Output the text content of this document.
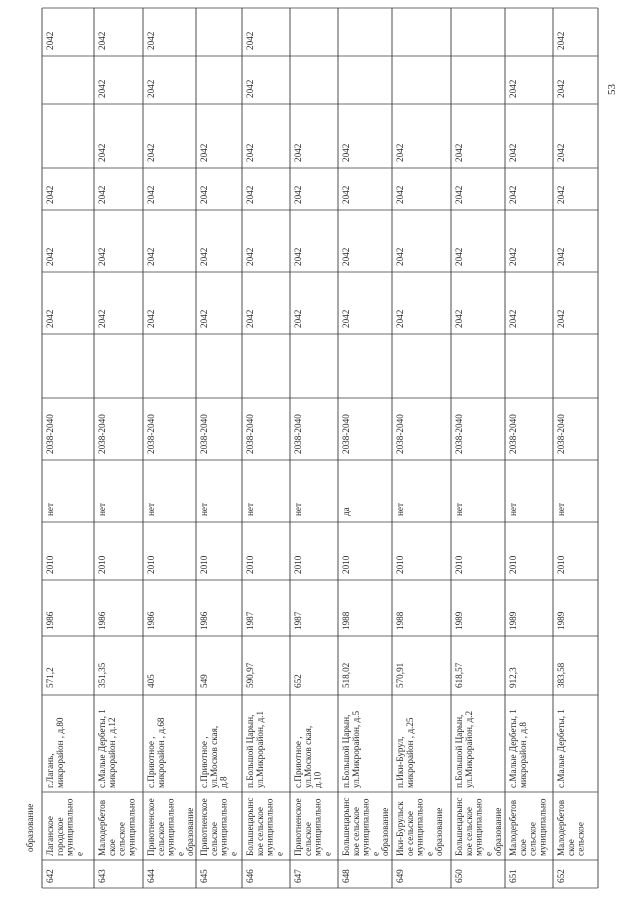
образование
642
Лаганское городское муниципально е
г.Лагань, микрорайон , д.80
571,2
1986
2010
нет
2038-2040
2042
2042
2042
2042
643
Малодербетов ское сельское муниципально
с.Малые Дербеты, 1 микрорайон , д.12
351,35
1986
2010
нет
2038-2040
2042
2042
2042
2042
2042
2042
644
Приютненское сельское муниципально е образование
с.Приютное , микрорайон , д.68
405
1986
2010
нет
2038-2040
2042
2042
2042
2042
2042
2042
645
Приютненское сельское муниципально е
с.Приютное , ул.Москов ская, д.8
549
1986
2010
нет
2038-2040
2042
2042
2042
2042
646
Большецарынс кое сельское муниципально е
п.Большой Царын, ул.Микрорайон, д.1
590,97
1987
2010
нет
2038-2040
2042
2042
2042
2042
2042
2042
647
Приютненское сельское муниципально е
с.Приютное , ул.Москов ская, д.10
652
1987
2010
нет
2038-2040
2042
2042
2042
2042
648
Большецарынс кое сельское муниципально е образование
п.Большой Царын, ул.Микрорайон, д.5
518,02
1988
2010
да
2038-2040
2042
2042
2042
2042
649
Ики-Бурульск ое сельское муниципально е образование
п.Ики-Бурул, микрорайон , д.25
570,91
1988
2010
нет
2038-2040
2042
2042
2042
2042
650
Большецарынс кое сельское муниципально е образование
п.Большой Царын, ул.Микрорайон, д.2
618,57
1989
2010
нет
2038-2040
2042
2042
2042
2042
651
Малодербетов ское сельское муниципально
с.Малые Дербеты, 1 микрорайон , д.8
912,3
1989
2010
нет
2038-2040
2042
2042
2042
2042
2042
652
Малодербетов ское сельское
с.Малые Дербеты, 1
383,58
1989
2010
нет
2038-2040
2042
2042
2042
2042
2042
2042
53
